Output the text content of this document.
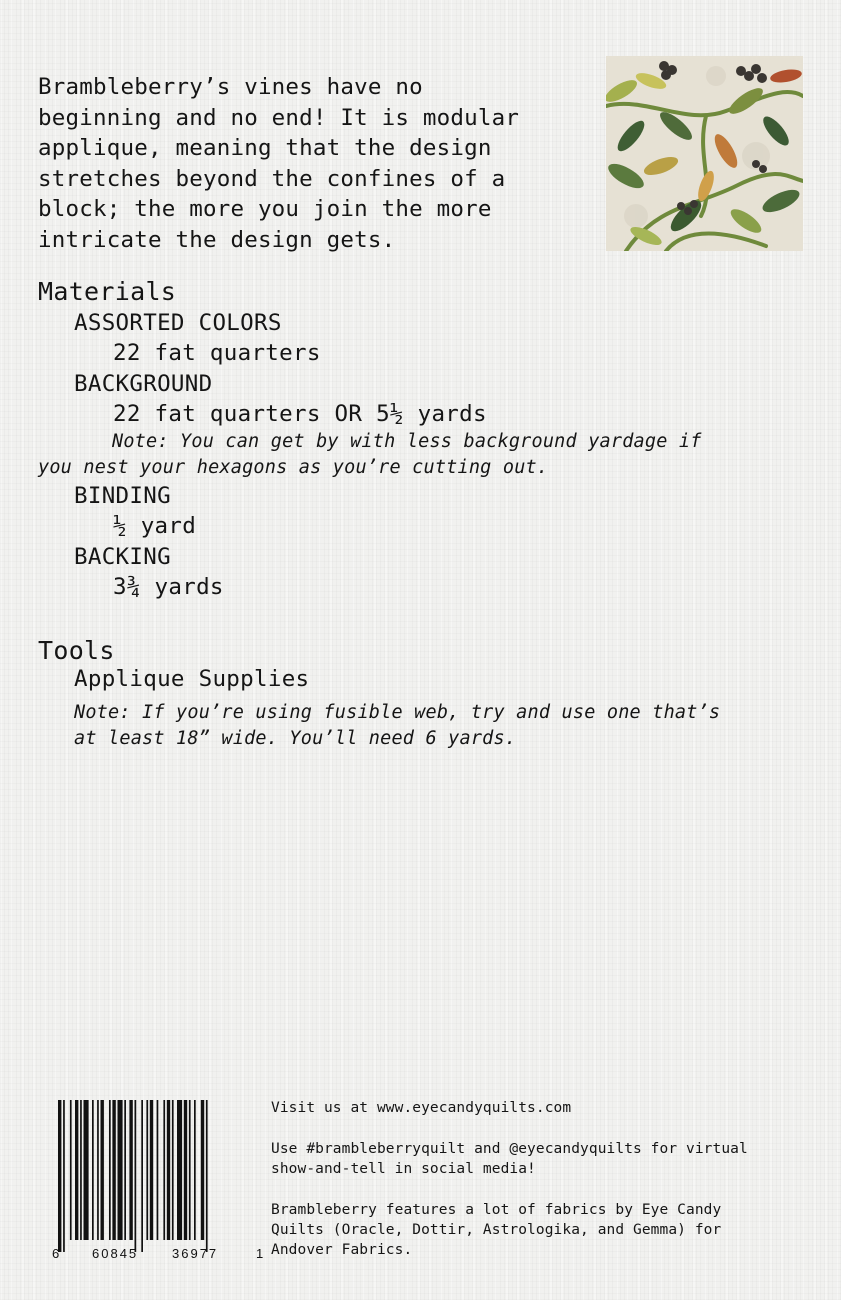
Brambleberry’s vines have no
beginning and no end! It is modular
applique, meaning that the design
stretches beyond the confines of a
block; the more you join the more
intricate the design gets.
Materials

ASSORTED COLORS

22 fat quarters

BACKGROUND

22 fat quarters OR 5½ yards

Note: You can get by with less background yardage if

you nest your hexagons as you’re cutting out.

BINDING

½ yard

BACKING

3¾ yards

Tools

Applique Supplies

Note: If you’re using fusible web, try and use one that’s

at least 18” wide. You’ll need 6 yards.

6	60845	36977	1

Visit us at www.eyecandyquilts.com

Use #brambleberryquilt and @eyecandyquilts for virtual

show-and-tell in social media!

Brambleberry features a lot of fabrics by Eye Candy

Quilts (Oracle, Dottir, Astrologika, and Gemma) for

Andover Fabrics.
